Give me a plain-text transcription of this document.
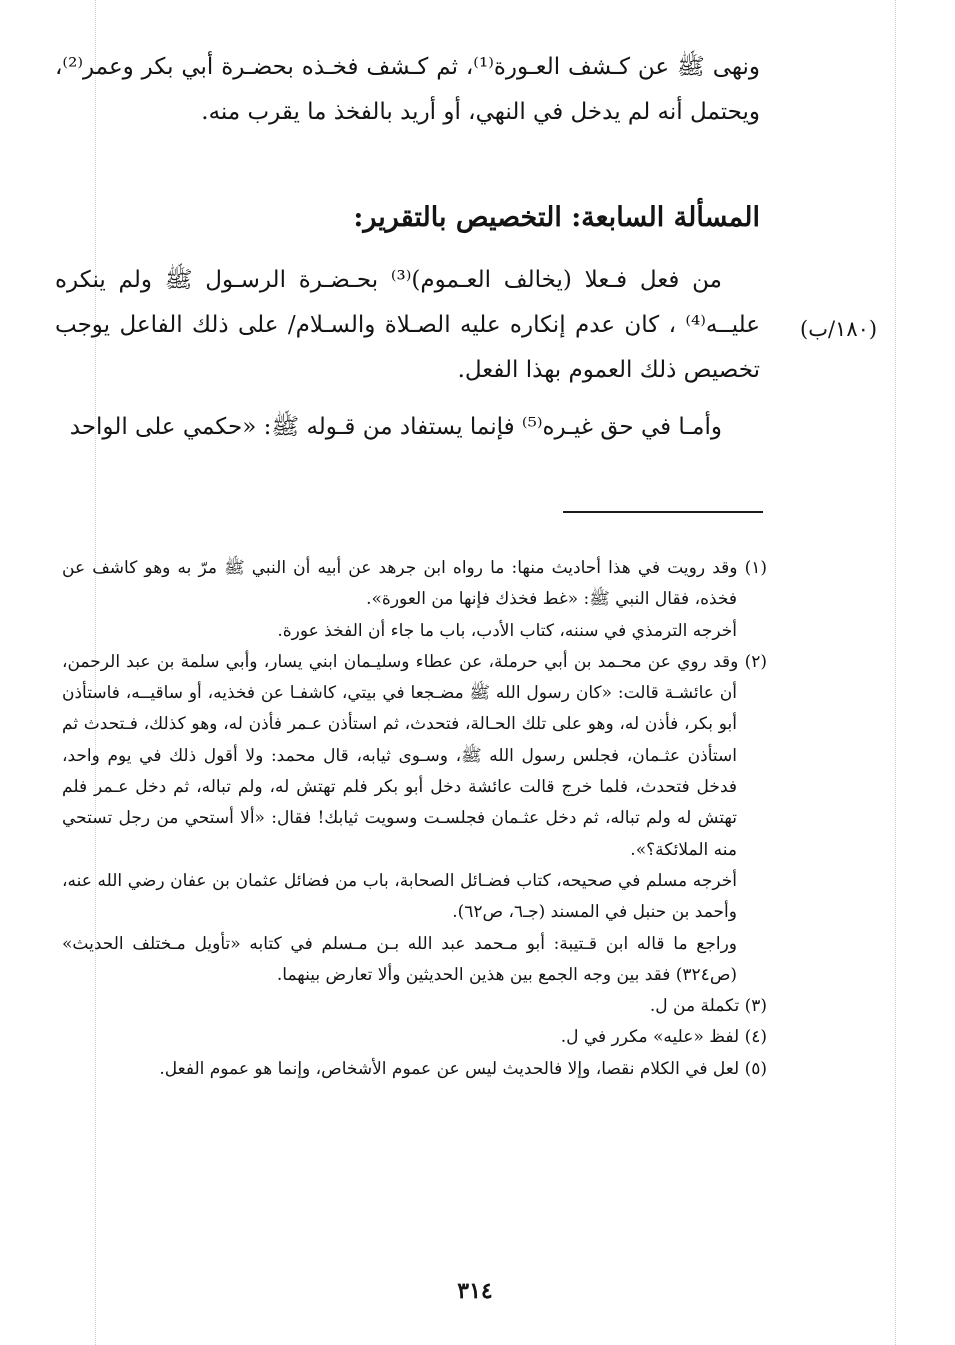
ونهى ﷺ عن كـشف العـورة⁽¹⁾، ثم كـشف فخـذه بحضـرة أبي بكر وعمر⁽²⁾، ويحتمل أنه لم يدخل في النهي، أو أريد بالفخذ ما يقرب منه.
المسألة السابعة: التخصيص بالتقرير:
من فعل فـعلا (يخالف العـموم)⁽³⁾ بحـضـرة الرسـول ﷺ ولم ينكره عليــه⁽⁴⁾ ، كان عدم إنكاره عليه الصـلاة والسـلام/ على ذلك الفاعل يوجب تخصيص ذلك العموم بهذا الفعل.
(١٨٠/ب)
وأمـا في حق غيـره⁽⁵⁾ فإنما يستفاد من قـوله ﷺ: «حكمي على الواحد

(١) وقد رويت في هذا أحاديث منها: ما رواه ابن جرهد عن أبيه أن النبي ﷺ مرّ به وهو كاشف عن فخذه، فقال النبي ﷺ: «غط فخذك فإنها من العورة».

أخرجه الترمذي في سننه، كتاب الأدب، باب ما جاء أن الفخذ عورة.

(٢) وقد روي عن محـمد بن أبي حرملة، عن عطاء وسليـمان ابني يسار، وأبي سلمة بن عبد الرحمن، أن عائشـة قالت: «كان رسول الله ﷺ مضـجعا في بيتي، كاشفـا عن فخذيه، أو ساقيــه، فاستأذن أبو بكر، فأذن له، وهو على تلك الحـالة، فتحدث، ثم استأذن عـمر فأذن له، وهو كذلك، فـتحدث ثم استأذن عثـمان، فجلس رسول الله ﷺ، وسـوى ثيابه، قال محمد: ولا أقول ذلك في يوم واحد، فدخل فتحدث، فلما خرج قالت عائشة دخل أبو بكر فلم تهتش له، ولم تباله، ثم دخل عـمر فلم تهتش له ولم تباله، ثم دخل عثـمان فجلسـت وسويت ثيابك! فقال: «ألا أستحي من رجل تستحي منه الملائكة؟».

أخرجه مسلم في صحيحه، كتاب فضـائل الصحابة، باب من فضائل عثمان بن عفان رضي الله عنه، وأحمد بن حنبل في المسند (جـ٦، ص٦٢).

وراجع ما قاله ابن قـتيبة: أبو مـحمد عبد الله بـن مـسلم في كتابه «تأويل مـختلف الحديث» (ص٣٢٤) فقد بين وجه الجمع بين هذين الحديثين وألا تعارض بينهما.

(٣) تكملة من ل.

(٤) لفظ «عليه» مكرر في ل.

(٥) لعل في الكلام نقصا، وإلا فالحديث ليس عن عموم الأشخاص، وإنما هو عموم الفعل.

٣١٤
